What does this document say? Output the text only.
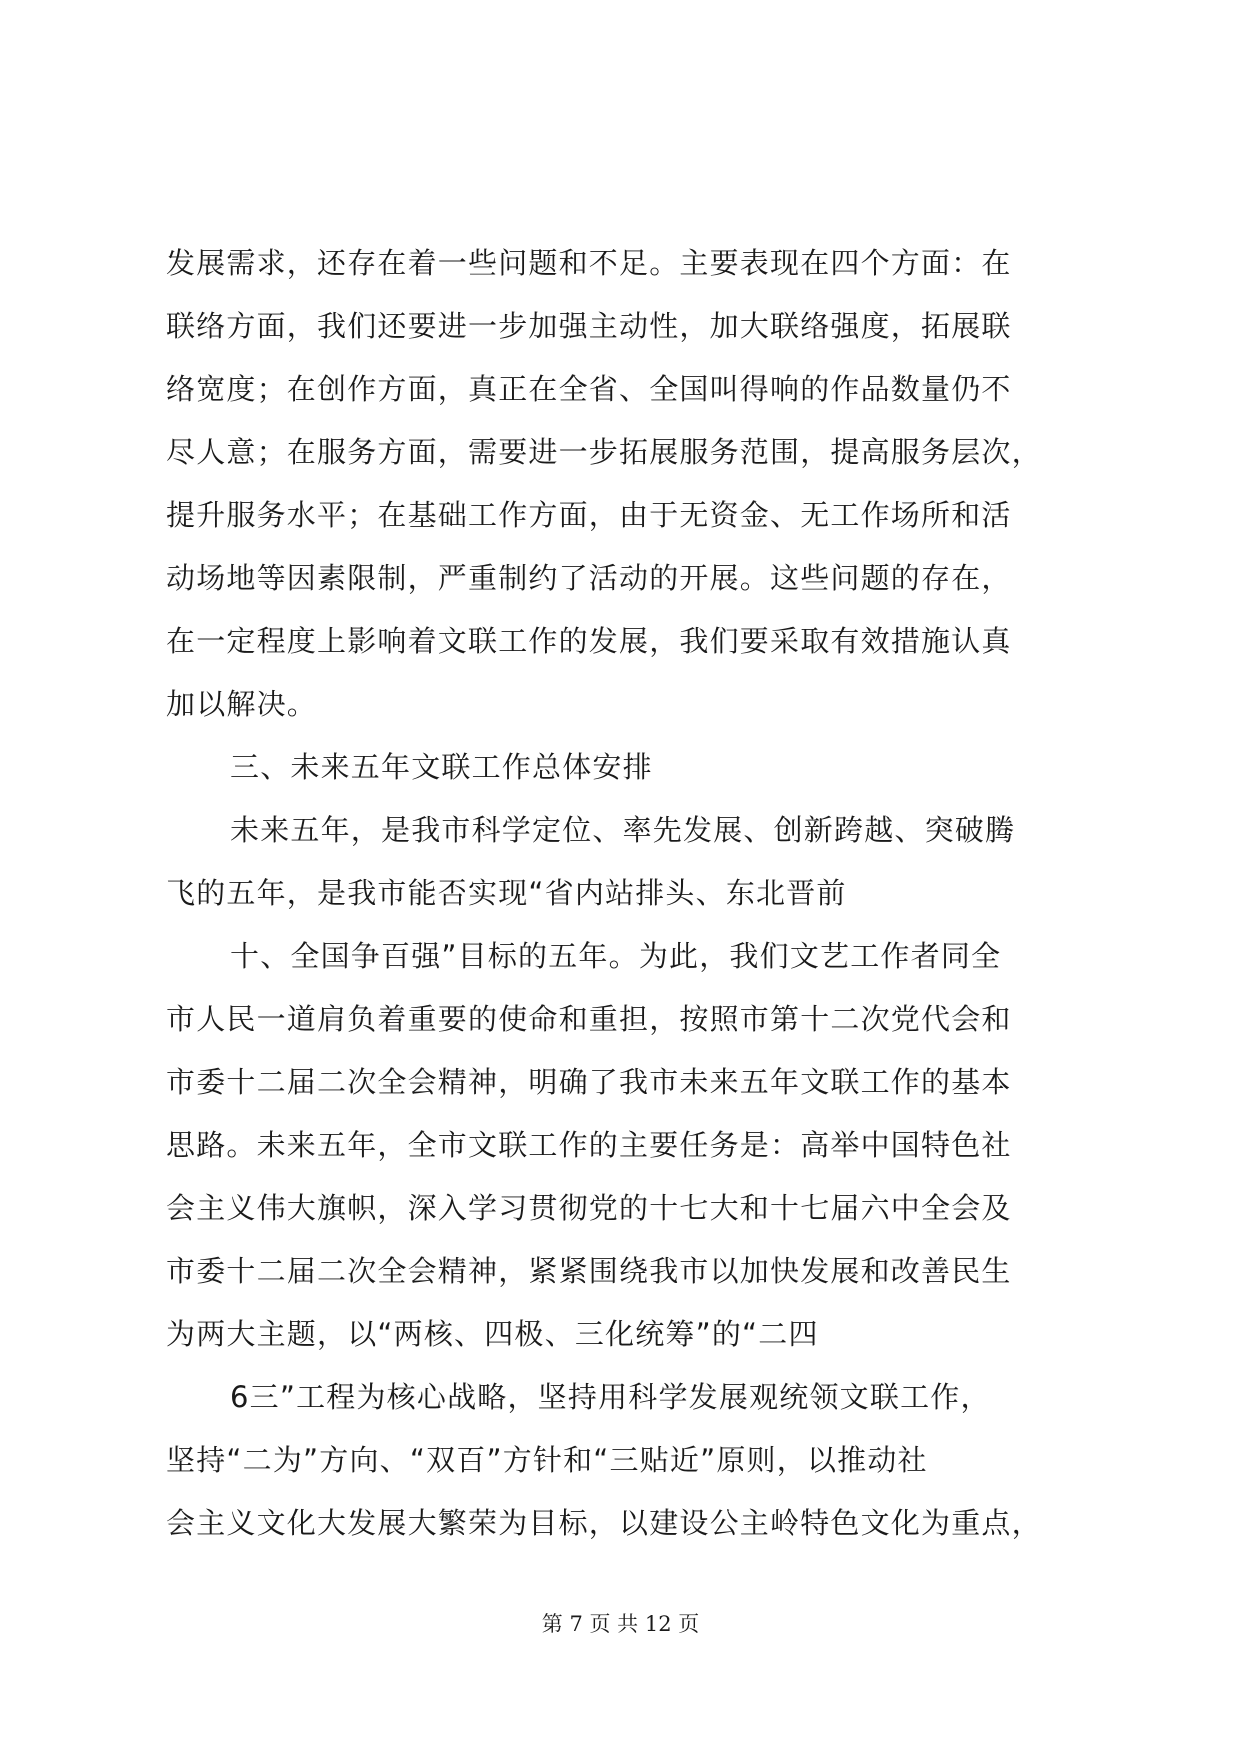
发展需求，还存在着一些问题和不足。主要表现在四个方面：在
联络方面，我们还要进一步加强主动性，加大联络强度，拓展联
络宽度；在创作方面，真正在全省、全国叫得响的作品数量仍不
尽人意；在服务方面，需要进一步拓展服务范围，提高服务层次，
提升服务水平；在基础工作方面，由于无资金、无工作场所和活
动场地等因素限制，严重制约了活动的开展。这些问题的存在，
在一定程度上影响着文联工作的发展，我们要采取有效措施认真
加以解决。
三、未来五年文联工作总体安排
未来五年，是我市科学定位、率先发展、创新跨越、突破腾
飞的五年，是我市能否实现“省内站排头、东北晋前
十、全国争百强”目标的五年。为此，我们文艺工作者同全
市人民一道肩负着重要的使命和重担，按照市第十二次党代会和
市委十二届二次全会精神，明确了我市未来五年文联工作的基本
思路。未来五年，全市文联工作的主要任务是：高举中国特色社
会主义伟大旗帜，深入学习贯彻党的十七大和十七届六中全会及
市委十二届二次全会精神，紧紧围绕我市以加快发展和改善民生
为两大主题，以“两核、四极、三化统筹”的“二四
6三”工程为核心战略，坚持用科学发展观统领文联工作，
坚持“二为”方向、“双百”方针和“三贴近”原则，以推动社
会主义文化大发展大繁荣为目标，以建设公主岭特色文化为重点，
第 7 页 共 12 页
